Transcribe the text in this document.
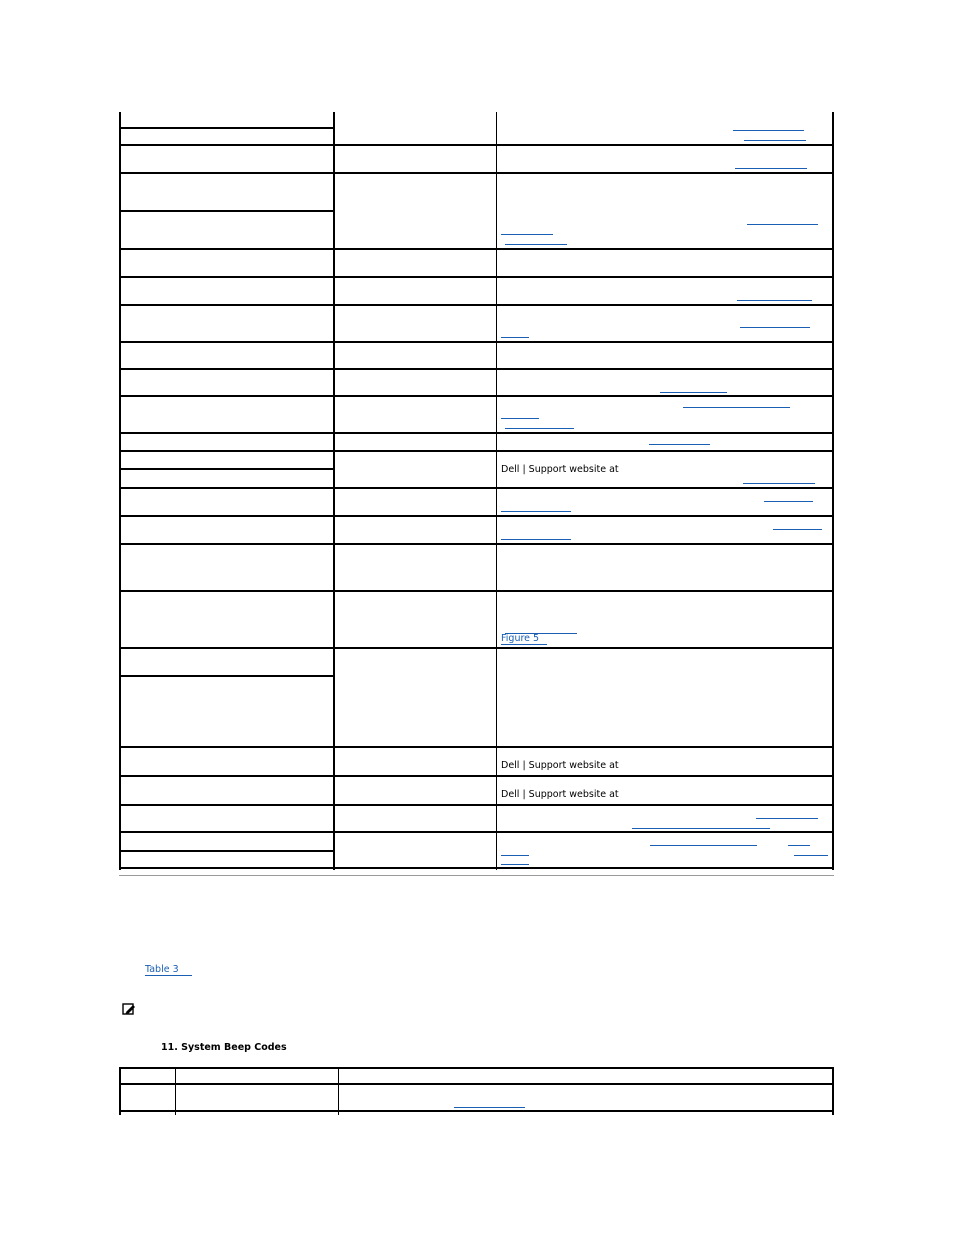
Dell | Support website at
Figure 5
Dell | Support website at
Dell | Support website at
Table 3
11. System Beep Codes
